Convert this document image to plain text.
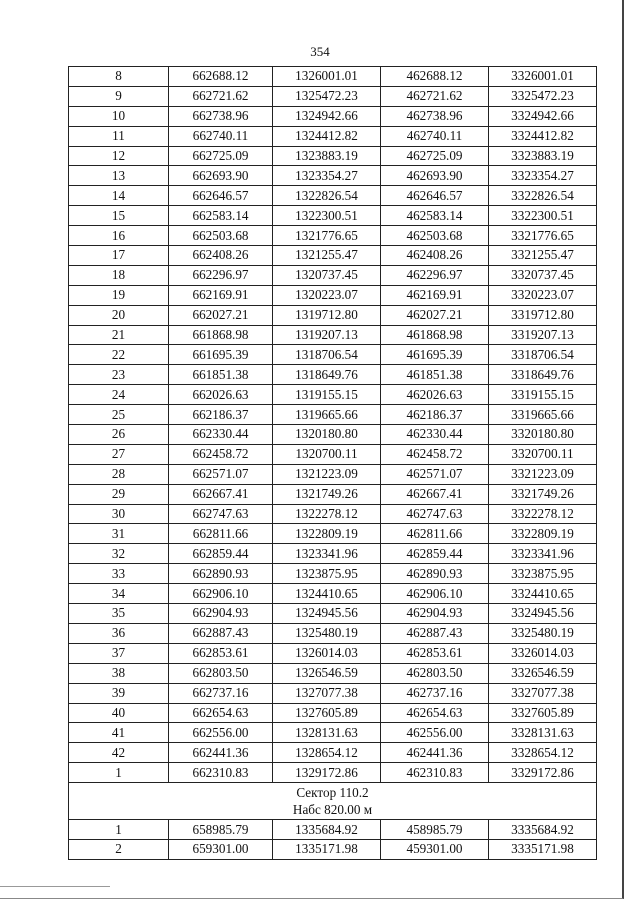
354
8	662688.12	1326001.01	462688.12	3326001.01
9	662721.62	1325472.23	462721.62	3325472.23
10	662738.96	1324942.66	462738.96	3324942.66
11	662740.11	1324412.82	462740.11	3324412.82
12	662725.09	1323883.19	462725.09	3323883.19
13	662693.90	1323354.27	462693.90	3323354.27
14	662646.57	1322826.54	462646.57	3322826.54
15	662583.14	1322300.51	462583.14	3322300.51
16	662503.68	1321776.65	462503.68	3321776.65
17	662408.26	1321255.47	462408.26	3321255.47
18	662296.97	1320737.45	462296.97	3320737.45
19	662169.91	1320223.07	462169.91	3320223.07
20	662027.21	1319712.80	462027.21	3319712.80
21	661868.98	1319207.13	461868.98	3319207.13
22	661695.39	1318706.54	461695.39	3318706.54
23	661851.38	1318649.76	461851.38	3318649.76
24	662026.63	1319155.15	462026.63	3319155.15
25	662186.37	1319665.66	462186.37	3319665.66
26	662330.44	1320180.80	462330.44	3320180.80
27	662458.72	1320700.11	462458.72	3320700.11
28	662571.07	1321223.09	462571.07	3321223.09
29	662667.41	1321749.26	462667.41	3321749.26
30	662747.63	1322278.12	462747.63	3322278.12
31	662811.66	1322809.19	462811.66	3322809.19
32	662859.44	1323341.96	462859.44	3323341.96
33	662890.93	1323875.95	462890.93	3323875.95
34	662906.10	1324410.65	462906.10	3324410.65
35	662904.93	1324945.56	462904.93	3324945.56
36	662887.43	1325480.19	462887.43	3325480.19
37	662853.61	1326014.03	462853.61	3326014.03
38	662803.50	1326546.59	462803.50	3326546.59
39	662737.16	1327077.38	462737.16	3327077.38
40	662654.63	1327605.89	462654.63	3327605.89
41	662556.00	1328131.63	462556.00	3328131.63
42	662441.36	1328654.12	462441.36	3328654.12
1	662310.83	1329172.86	462310.83	3329172.86

Сектор 110.2
Набс 820.00 м				

1	658985.79	1335684.92	458985.79	3335684.92
2	659301.00	1335171.98	459301.00	3335171.98
